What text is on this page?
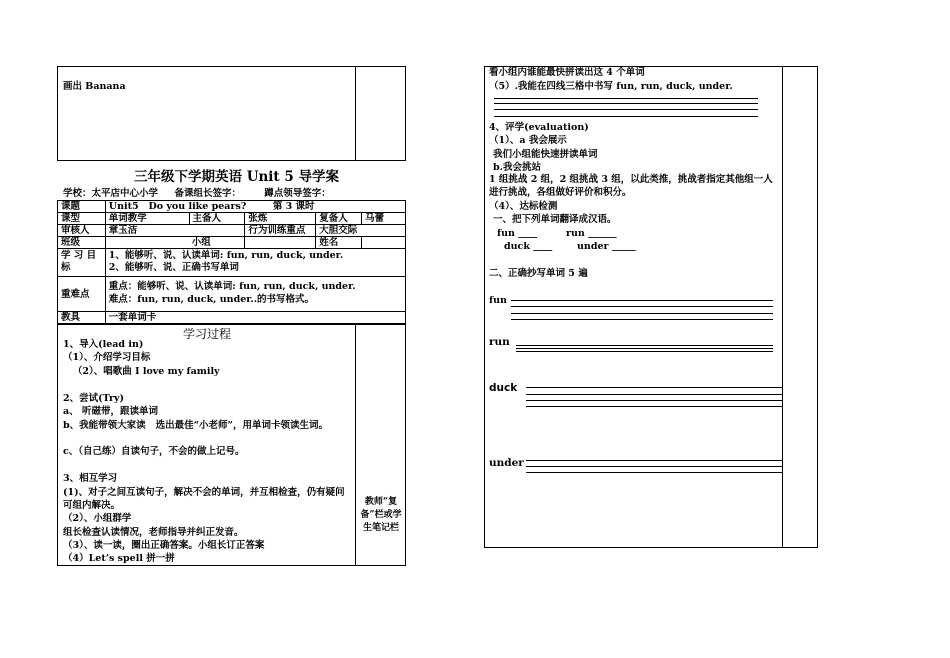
画出 Banana
三年级下学期英语 Unit 5 导学案
学校：太平店中心小学     备课组长签字：       蹲点领导签字：
课题	Unit5   Do you like pears?        第 3 课时				
课型	单词教学	主备人	张炼	复备人	马蕾
审核人	章玉洁		行为训练重点	大胆交际	
班级	小组			姓名	
学 习 目 标	1、能够听、说、认读单词: fun, run, duck, under.
2、能够听、说、正确书写单词				

重难点	重点：能够听、说、认读单词: fun, run, duck, under.
难点：fun, run, duck, under..的书写格式。				

教具	一套单词卡				
学习过程
1、导入(lead in)
（1）、介绍学习目标
（2）、唱歌曲 I love my family
2、尝试(Try)
a、 听磁带，跟读单词
b、我能带领大家读   选出最佳“小老师”，用单词卡领读生词。
c、（自己练）自读句子，不会的做上记号。
3、相互学习
(1)、对子之间互读句子，解决不会的单词，并互相检查，仍有疑问可组内解决。
（2）、小组群学
组长检查认读情况，老师指导并纠正发音。
（3）、读一读，圈出正确答案。小组长订正答案
（4）Let’s spell 拼一拼
教师“复备”栏或学生笔记栏
看小组内谁能最快拼读出这 4 个单词
（5）.我能在四线三格中书写 fun, run, duck, under.
4、评学(evaluation)
（1）、a 我会展示
我们小组能快速拼读单词
b.我会挑站
1 组挑战 2 组，2 组挑战 3 组，以此类推，挑战者指定其他组一人进行挑战，各组做好评价和积分。
（4）、达标检测
一、把下列单词翻译成汉语。
fun ____	run ______
duck ____	under _____
二、正确抄写单词 5 遍
fun
run
duck
under
